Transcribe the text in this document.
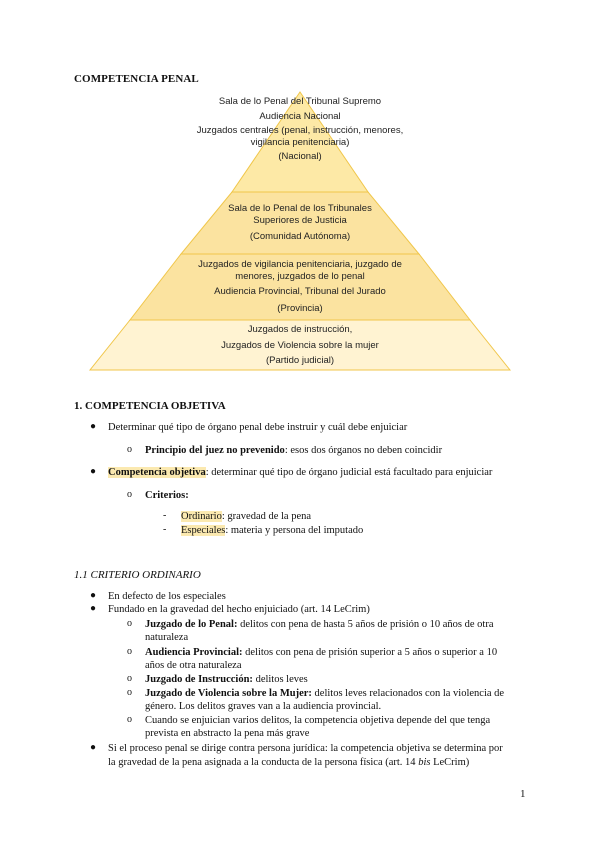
COMPETENCIA PENAL

Sala de lo Penal del Tribunal Supremo

Audiencia Nacional

Juzgados centrales (penal, instrucción, menores, vigilancia penitenciaria)

(Nacional)

Sala de lo Penal de los Tribunales Superiores de Justicia

(Comunidad Autónoma)

Juzgados de vigilancia penitenciaria, juzgado de menores, juzgados de lo penal

Audiencia Provincial, Tribunal del Jurado

(Provincia)

Juzgados de instrucción,

Juzgados de Violencia sobre la mujer

(Partido judicial)

1. COMPETENCIA OBJETIVA
● Determinar qué tipo de órgano penal debe instruir y cuál debe enjuiciar
o Principio del juez no prevenido: esos dos órganos no deben coincidir
● Competencia objetiva: determinar qué tipo de órgano judicial está facultado para enjuiciar
o Criterios:
- Ordinario: gravedad de la pena
- Especiales: materia y persona del imputado
1.1 CRITERIO ORDINARIO
● En defecto de los especiales
● Fundado en la gravedad del hecho enjuiciado (art. 14 LeCrim)
o Juzgado de lo Penal: delitos con pena de hasta 5 años de prisión o 10 años de otra
naturaleza
o Audiencia Provincial: delitos con pena de prisión superior a 5 años o superior a 10
años de otra naturaleza
o Juzgado de Instrucción: delitos leves
o Juzgado de Violencia sobre la Mujer: delitos leves relacionados con la violencia de
género. Los delitos graves van a la audiencia provincial.
o Cuando se enjuician varios delitos, la competencia objetiva depende del que tenga
prevista en abstracto la pena más grave
● Si el proceso penal se dirige contra persona jurídica: la competencia objetiva se determina por
la gravedad de la pena asignada a la conducta de la persona física (art. 14 bis LeCrim)
1
